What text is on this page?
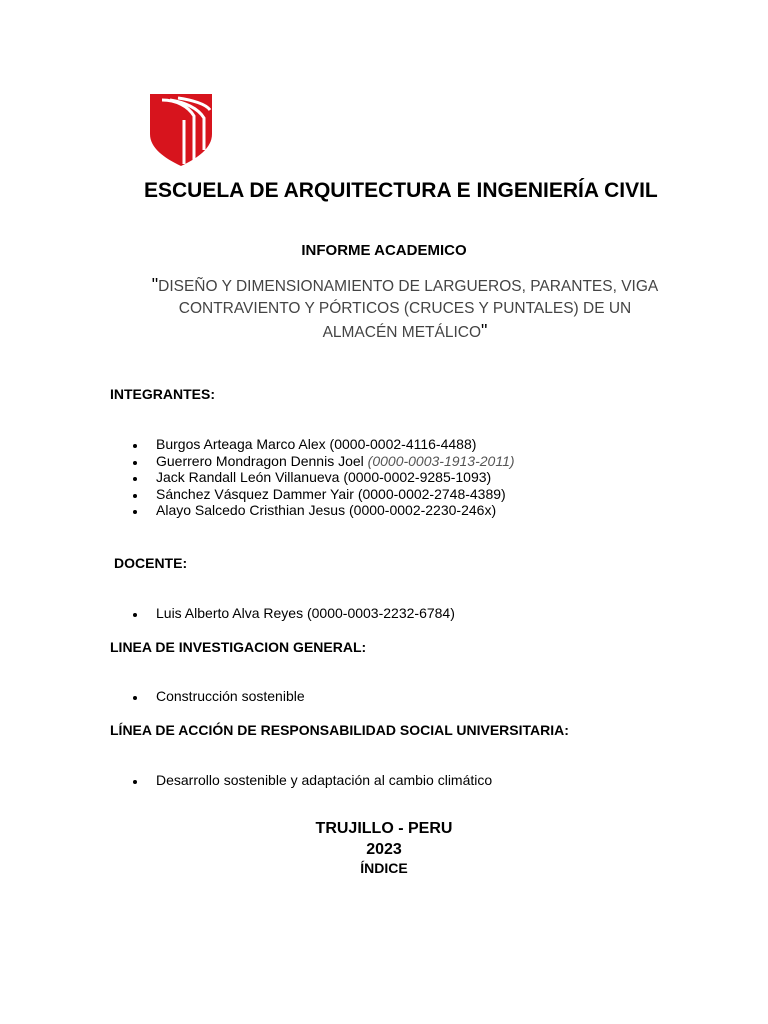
ESCUELA DE ARQUITECTURA E INGENIERÍA CIVIL
INFORME ACADEMICO
"DISEÑO Y DIMENSIONAMIENTO DE LARGUEROS, PARANTES, VIGA CONTRAVIENTO Y PÓRTICOS (CRUCES Y PUNTALES) DE UN ALMACÉN METÁLICO"
INTEGRANTES:
Burgos Arteaga Marco Alex (0000-0002-4116-4488)
Guerrero Mondragon Dennis Joel (0000-0003-1913-2011)
Jack Randall León Villanueva (0000-0002-9285-1093)
Sánchez Vásquez Dammer Yair (0000-0002-2748-4389)
Alayo Salcedo Cristhian Jesus (0000-0002-2230-246x)
DOCENTE:
Luis Alberto Alva Reyes (0000-0003-2232-6784)
LINEA DE INVESTIGACION GENERAL:
Construcción sostenible
LÍNEA DE ACCIÓN DE RESPONSABILIDAD SOCIAL UNIVERSITARIA:
Desarrollo sostenible y adaptación al cambio climático
TRUJILLO - PERU
2023
ÍNDICE
